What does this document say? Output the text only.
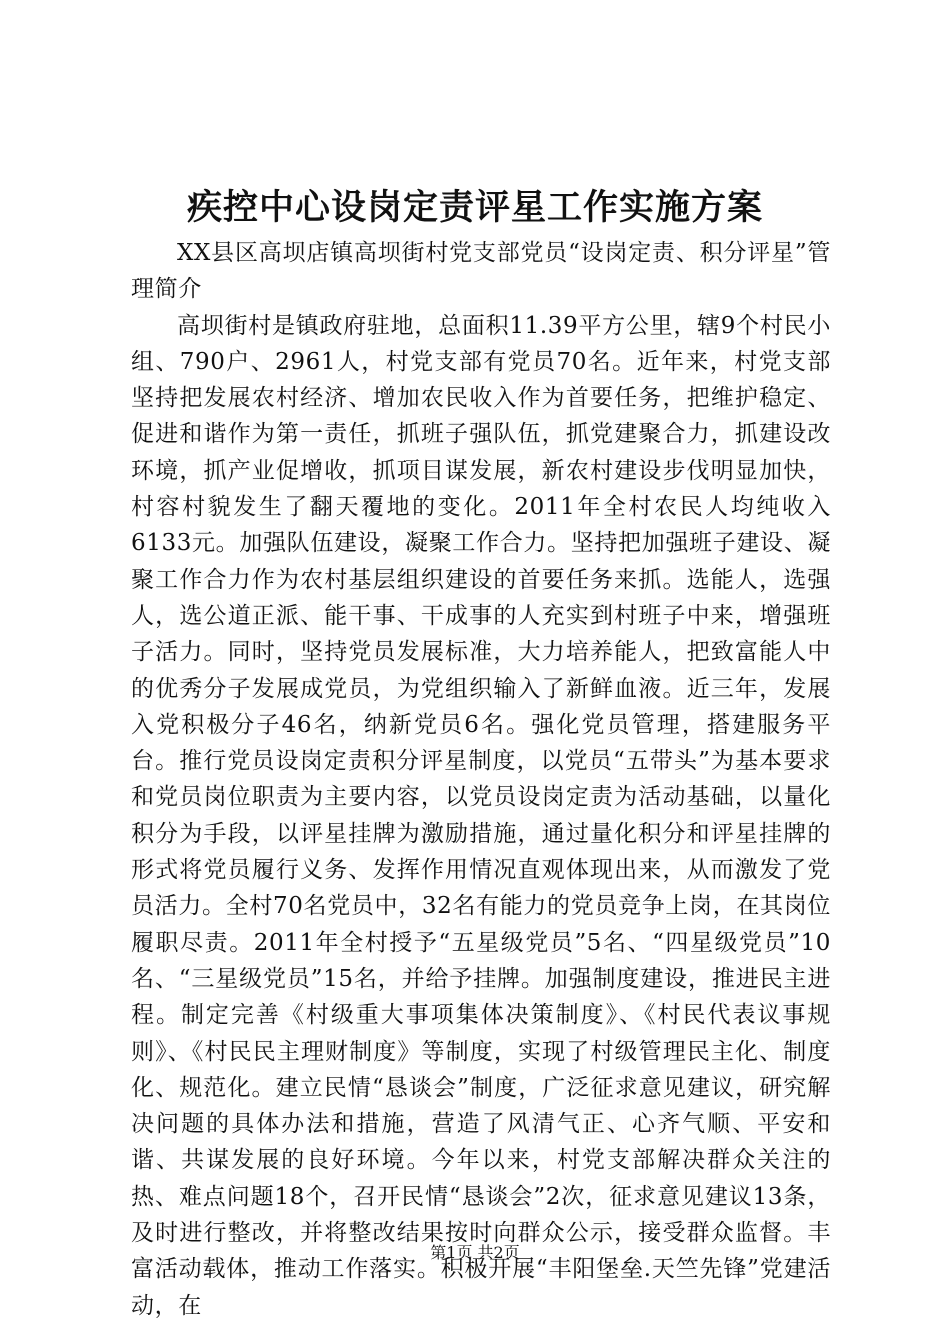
疾控中心设岗定责评星工作实施方案

XX县区高坝店镇高坝街村党支部党员“设岗定责、积分评星”管理简介

高坝街村是镇政府驻地，总面积11.39平方公里，辖9个村民小组、790户、2961人，村党支部有党员70名。近年来，村党支部坚持把发展农村经济、增加农民收入作为首要任务，把维护稳定、促进和谐作为第一责任，抓班子强队伍，抓党建聚合力，抓建设改环境，抓产业促增收，抓项目谋发展，新农村建设步伐明显加快，村容村貌发生了翻天覆地的变化。2011年全村农民人均纯收入6133元。加强队伍建设，凝聚工作合力。坚持把加强班子建设、凝聚工作合力作为农村基层组织建设的首要任务来抓。选能人，选强人，选公道正派、能干事、干成事的人充实到村班子中来，增强班子活力。同时，坚持党员发展标准，大力培养能人，把致富能人中的优秀分子发展成党员，为党组织输入了新鲜血液。近三年，发展入党积极分子46名，纳新党员6名。强化党员管理，搭建服务平台。推行党员设岗定责积分评星制度，以党员“五带头”为基本要求和党员岗位职责为主要内容，以党员设岗定责为活动基础，以量化积分为手段，以评星挂牌为激励措施，通过量化积分和评星挂牌的形式将党员履行义务、发挥作用情况直观体现出来，从而激发了党员活力。全村70名党员中，32名有能力的党员竞争上岗，在其岗位履职尽责。2011年全村授予“五星级党员”5名、“四星级党员”10名、“三星级党员”15名，并给予挂牌。加强制度建设，推进民主进程。制定完善《村级重大事项集体决策制度》、《村民代表议事规则》、《村民民主理财制度》等制度，实现了村级管理民主化、制度化、规范化。建立民情“恳谈会”制度，广泛征求意见建议，研究解决问题的具体办法和措施，营造了风清气正、心齐气顺、平安和谐、共谋发展的良好环境。今年以来，村党支部解决群众关注的热、难点问题18个，召开民情“恳谈会”2次，征求意见建议13条，及时进行整改，并将整改结果按时向群众公示，接受群众监督。丰富活动载体，推动工作落实。积极开展“丰阳堡垒.天竺先锋”党建活动，在

第1页 共2页
